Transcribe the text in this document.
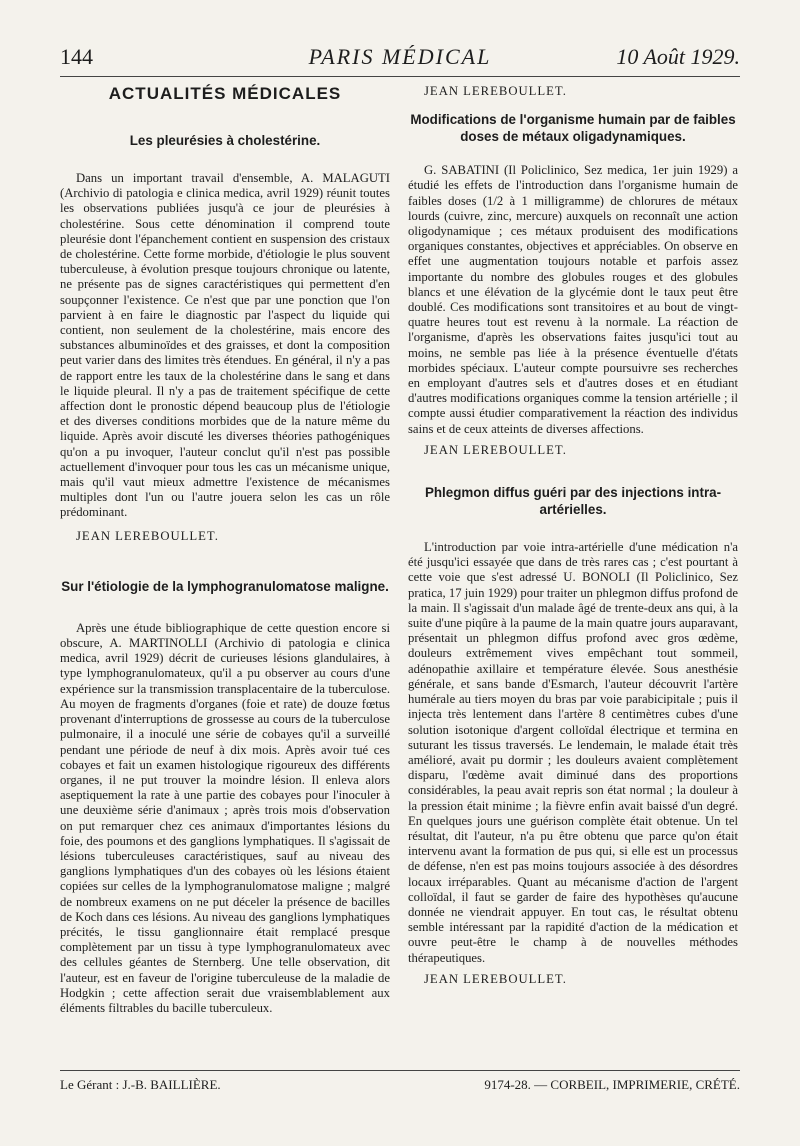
144	PARIS MÉDICAL	10 Août 1929.
ACTUALITÉS MÉDICALES
Les pleurésies à cholestérine.

Dans un important travail d'ensemble, A. MALAGUTI (Archivio di patologia e clinica medica, avril 1929) réunit toutes les observations publiées jusqu'à ce jour de pleurésies à cholestérine. Sous cette dénomination il comprend toute pleurésie dont l'épanchement contient en suspension des cristaux de cholestérine. Cette forme morbide, d'étiologie le plus souvent tuberculeuse, à évolution presque toujours chronique ou latente, ne présente pas de signes caractéristiques qui permettent d'en soupçonner l'existence. Ce n'est que par une ponction que l'on parvient à en faire le diagnostic par l'aspect du liquide qui contient, non seulement de la cholestérine, mais encore des substances albuminoïdes et des graisses, et dont la composition peut varier dans des limites très étendues. En général, il n'y a pas de rapport entre les taux de la cholestérine dans le sang et dans le liquide pleural. Il n'y a pas de traitement spécifique de cette affection dont le pronostic dépend beaucoup plus de l'étiologie et des diverses conditions morbides que de la nature même du liquide. Après avoir discuté les diverses théories pathogéniques qu'on a pu invoquer, l'auteur conclut qu'il n'est pas possible actuellement d'invoquer pour tous les cas un mécanisme unique, mais qu'il vaut mieux admettre l'existence de mécanismes multiples dont l'un ou l'autre jouera selon les cas un rôle prédominant.

JEAN LEREBOULLET.

Sur l'étiologie de la lymphogranulomatose maligne.

Après une étude bibliographique de cette question encore si obscure, A. MARTINOLLI (Archivio di patologia e clinica medica, avril 1929) décrit de curieuses lésions glandulaires, à type lymphogranulomateux, qu'il a pu observer au cours d'une expérience sur la transmission transplacentaire de la tuberculose. Au moyen de fragments d'organes (foie et rate) de douze fœtus provenant d'interruptions de grossesse au cours de la tuberculose pulmonaire, il a inoculé une série de cobayes qu'il a surveillé pendant une période de neuf à dix mois. Après avoir tué ces cobayes et fait un examen histologique rigoureux des différents organes, il ne put trouver la moindre lésion. Il enleva alors aseptiquement la rate à une partie des cobayes pour l'inoculer à une deuxième série d'animaux ; après trois mois d'observation on put remarquer chez ces animaux d'importantes lésions du foie, des poumons et des ganglions lymphatiques. Il s'agissait de lésions tuberculeuses caractéristiques, sauf au niveau des ganglions lymphatiques d'un des cobayes où les lésions étaient copiées sur celles de la lymphogranulomatose maligne ; malgré de nombreux examens on ne put déceler la présence de bacilles de Koch dans ces lésions. Au niveau des ganglions lymphatiques précités, le tissu ganglionnaire était remplacé presque complètement par un tissu à type lymphogranulomateux avec des cellules géantes de Sternberg. Une telle observation, dit l'auteur, est en faveur de l'origine tuberculeuse de la maladie de Hodgkin ; cette affection serait due vraisemblablement aux éléments filtrables du bacille tuberculeux.

JEAN LEREBOULLET.

Modifications de l'organisme humain par de faibles doses de métaux oligadynamiques.

G. SABATINI (Il Policlinico, Sez medica, 1er juin 1929) a étudié les effets de l'introduction dans l'organisme humain de faibles doses (1/2 à 1 milligramme) de chlorures de métaux lourds (cuivre, zinc, mercure) auxquels on reconnaît une action oligodynamique ; ces métaux produisent des modifications organiques constantes, objectives et appréciables. On observe en effet une augmentation toujours notable et parfois assez importante du nombre des globules rouges et des globules blancs et une élévation de la glycémie dont le taux peut être doublé. Ces modifications sont transitoires et au bout de vingt-quatre heures tout est revenu à la normale. La réaction de l'organisme, d'après les observations faites jusqu'ici tout au moins, ne semble pas liée à la présence éventuelle d'états morbides spéciaux. L'auteur compte poursuivre ses recherches en employant d'autres sels et d'autres doses et en étudiant d'autres modifications organiques comme la tension artérielle ; il compte aussi étudier comparativement la réaction des individus sains et de ceux atteints de diverses affections.

JEAN LEREBOULLET.

Phlegmon diffus guéri par des injections intra-artérielles.

L'introduction par voie intra-artérielle d'une médication n'a été jusqu'ici essayée que dans de très rares cas ; c'est pourtant à cette voie que s'est adressé U. BONOLI (Il Policlinico, Sez pratica, 17 juin 1929) pour traiter un phlegmon diffus profond de la main. Il s'agissait d'un malade âgé de trente-deux ans qui, à la suite d'une piqûre à la paume de la main quatre jours auparavant, présentait un phlegmon diffus profond avec gros œdème, douleurs extrêmement vives empêchant tout sommeil, adénopathie axillaire et température élevée. Sous anesthésie générale, et sans bande d'Esmarch, l'auteur découvrit l'artère humérale au tiers moyen du bras par voie parabicipitale ; puis il injecta très lentement dans l'artère 8 centimètres cubes d'une solution isotonique d'argent colloïdal électrique et termina en suturant les tissus traversés. Le lendemain, le malade était très amélioré, avait pu dormir ; les douleurs avaient complètement disparu, l'œdème avait diminué dans des proportions considérables, la peau avait repris son état normal ; la douleur à la pression était minime ; la fièvre enfin avait baissé d'un degré. En quelques jours une guérison complète était obtenue. Un tel résultat, dit l'auteur, n'a pu être obtenu que parce qu'on était intervenu avant la formation de pus qui, si elle est un processus de défense, n'en est pas moins toujours associée à des désordres locaux irréparables. Quant au mécanisme d'action de l'argent colloïdal, il faut se garder de faire des hypothèses qu'aucune donnée ne viendrait appuyer. En tout cas, le résultat obtenu semble intéressant par la rapidité d'action de la médication et ouvre peut-être le champ à de nouvelles méthodes thérapeutiques.

JEAN LEREBOULLET.

Le Gérant : J.-B. BAILLIÈRE.	9174-28. — CORBEIL, IMPRIMERIE, CRÉTÉ.
